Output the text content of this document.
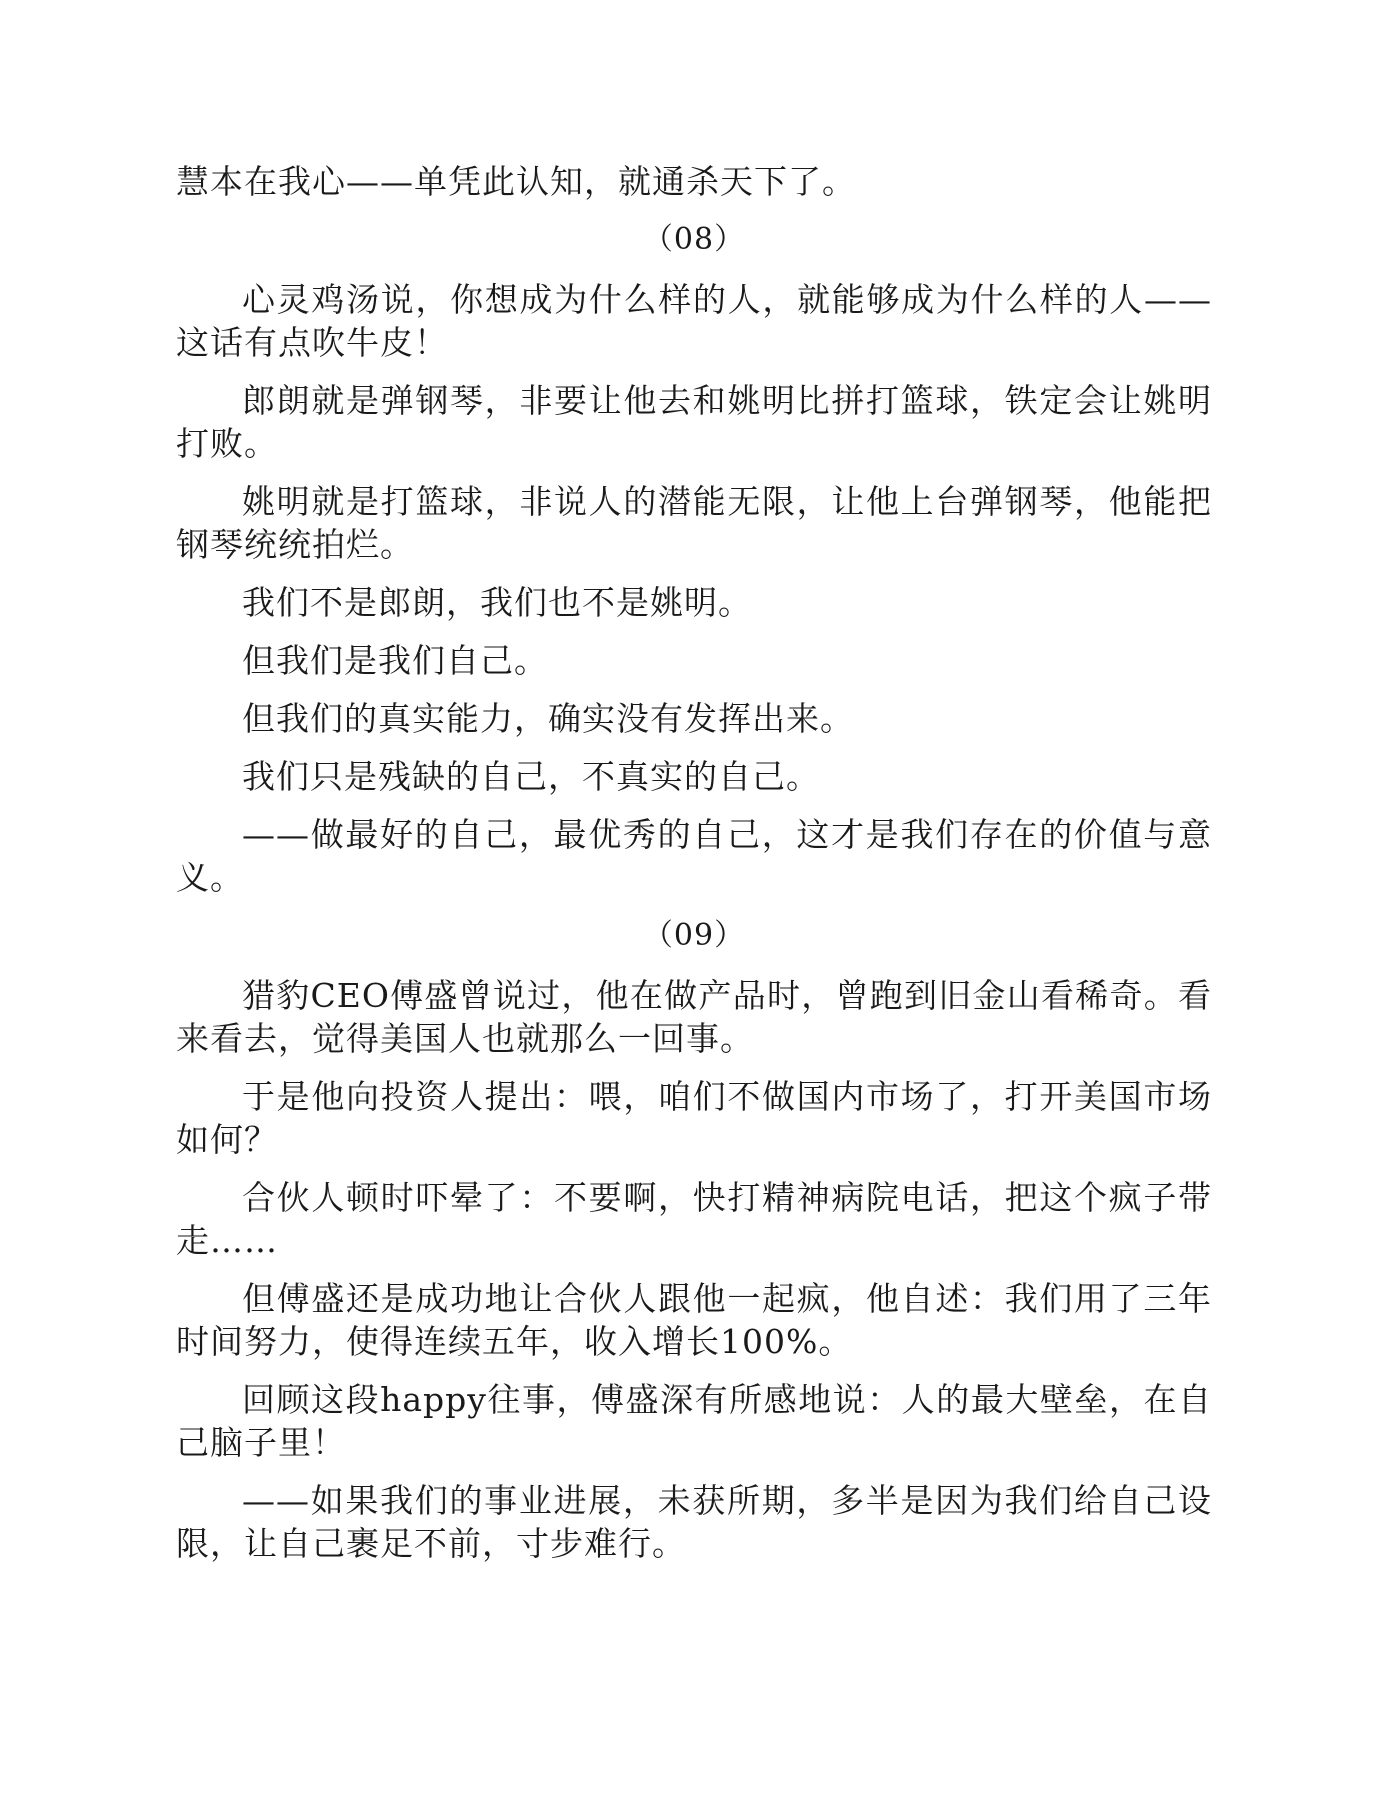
慧本在我心——单凭此认知，就通杀天下了。

（08）

心灵鸡汤说，你想成为什么样的人，就能够成为什么样的人——这话有点吹牛皮！

郎朗就是弹钢琴，非要让他去和姚明比拼打篮球，铁定会让姚明打败。

姚明就是打篮球，非说人的潜能无限，让他上台弹钢琴，他能把钢琴统统拍烂。

我们不是郎朗，我们也不是姚明。

但我们是我们自己。

但我们的真实能力，确实没有发挥出来。

我们只是残缺的自己，不真实的自己。

——做最好的自己，最优秀的自己，这才是我们存在的价值与意义。

（09）

猎豹CEO傅盛曾说过，他在做产品时，曾跑到旧金山看稀奇。看来看去，觉得美国人也就那么一回事。

于是他向投资人提出：喂，咱们不做国内市场了，打开美国市场如何？

合伙人顿时吓晕了：不要啊，快打精神病院电话，把这个疯子带走……

但傅盛还是成功地让合伙人跟他一起疯，他自述：我们用了三年时间努力，使得连续五年，收入增长100%。

回顾这段happy往事，傅盛深有所感地说：人的最大壁垒，在自己脑子里！

——如果我们的事业进展，未获所期，多半是因为我们给自己设限，让自己裹足不前，寸步难行。
